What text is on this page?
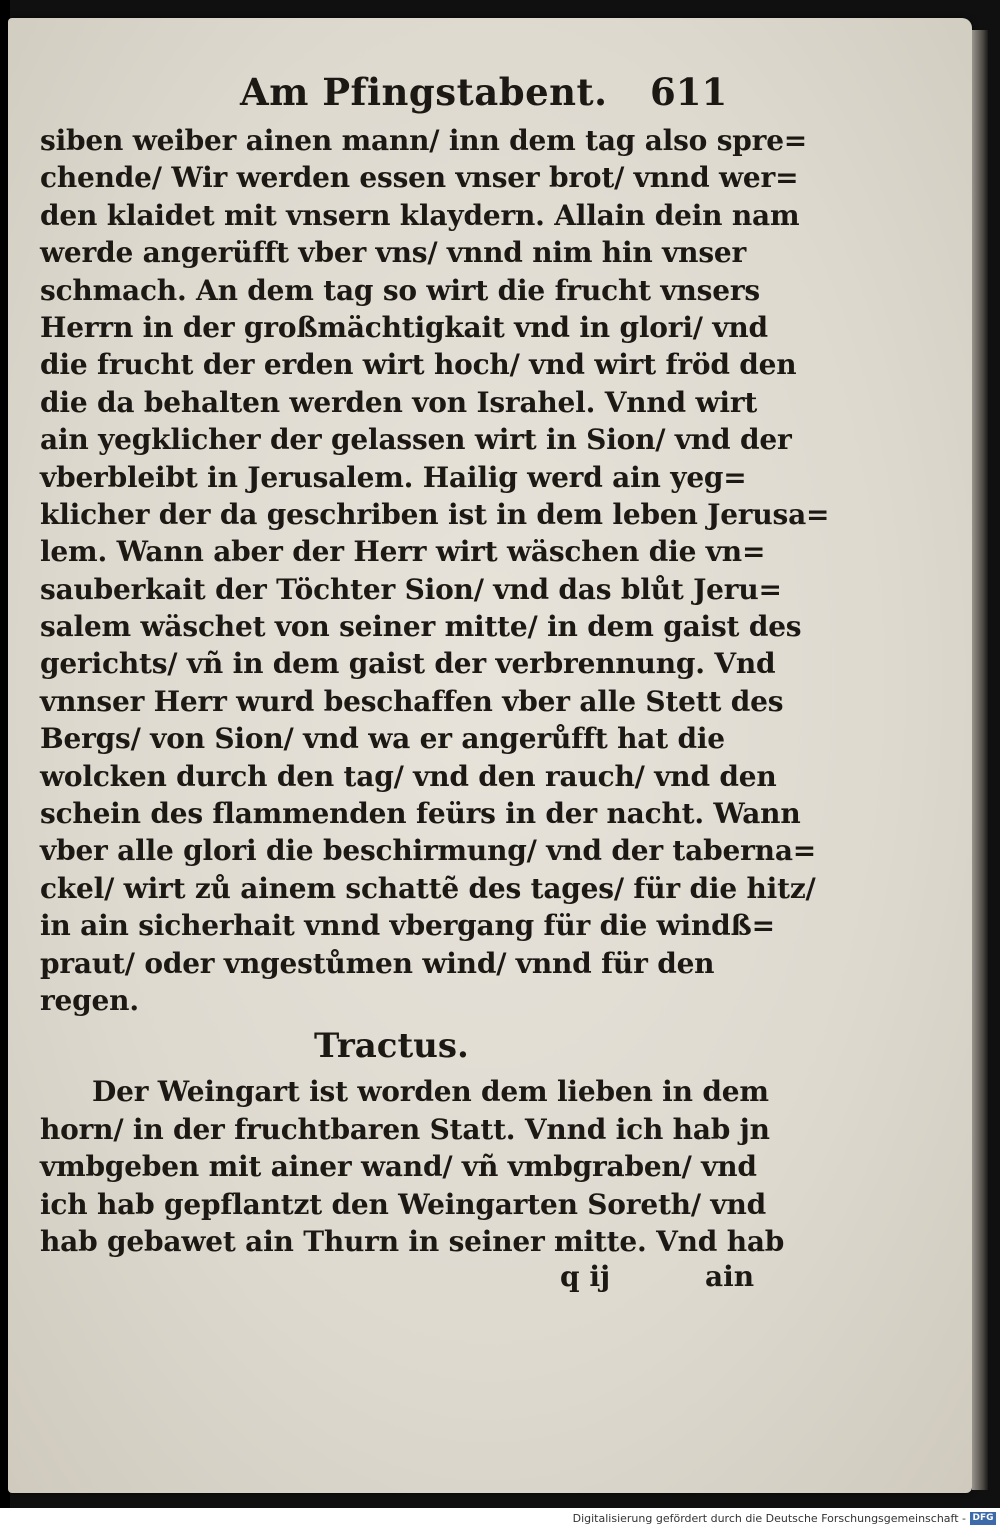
Am Pfingstabent. 611
siben weiber ainen mann/ inn dem tag also spre=
chende/ Wir werden essen vnser brot/ vnnd wer=
den klaidet mit vnsern klaydern. Allain dein nam
werde angerüfft vber vns/ vnnd nim hin vnser
schmach. An dem tag so wirt die frucht vnsers
Herrn in der großmächtigkait vnd in glori/ vnd
die frucht der erden wirt hoch/ vnd wirt fröd den
die da behalten werden von Israhel. Vnnd wirt
ain yegklicher der gelassen wirt in Sion/ vnd der
vberbleibt in Jerusalem. Hailig werd ain yeg=
klicher der da geschriben ist in dem leben Jerusa=
lem. Wann aber der Herr wirt wäschen die vn=
sauberkait der Töchter Sion/ vnd das blůt Jeru=
salem wäschet von seiner mitte/ in dem gaist des
gerichts/ vñ in dem gaist der verbrennung. Vnd
vnnser Herr wurd beschaffen vber alle Stett des
Bergs/ von Sion/ vnd wa er angerůfft hat die
wolcken durch den tag/ vnd den rauch/ vnd den
schein des flammenden feürs in der nacht. Wann
vber alle glori die beschirmung/ vnd der taberna=
ckel/ wirt zů ainem schattẽ des tages/ für die hitz/
in ain sicherhait vnnd vbergang für die windß=
praut/ oder vngestůmen wind/ vnnd für den
regen.
Tractus.
Der Weingart ist worden dem lieben in dem
horn/ in der fruchtbaren Statt. Vnnd ich hab jn
vmbgeben mit ainer wand/ vñ vmbgraben/ vnd
ich hab gepflantzt den Weingarten Soreth/ vnd
hab gebawet ain Thurn in seiner mitte. Vnd hab
q ij	ain
Digitalisierung gefördert durch die Deutsche Forschungsgemeinschaft - DFG
